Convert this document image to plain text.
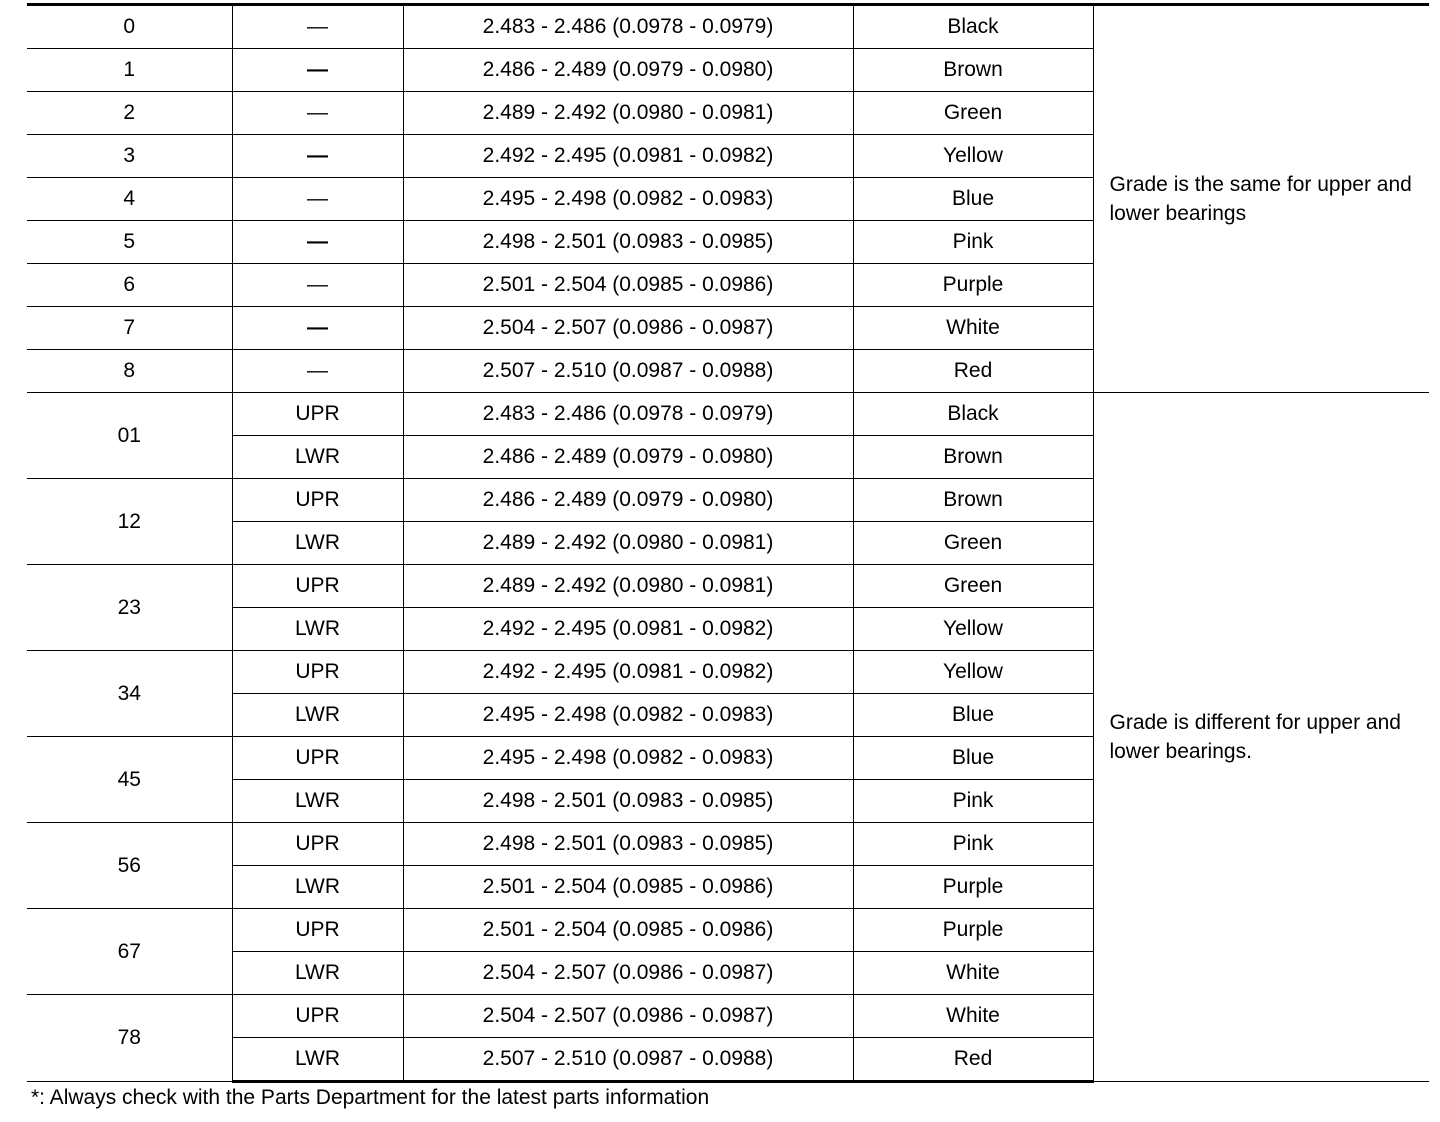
0	—	2.483 - 2.486 (0.0978 - 0.0979)	Black	Grade is the same for upper and lower bearings
1	—	2.486 - 2.489 (0.0979 - 0.0980)	Brown	
2	—	2.489 - 2.492 (0.0980 - 0.0981)	Green	
3	—	2.492 - 2.495 (0.0981 - 0.0982)	Yellow	
4	—	2.495 - 2.498 (0.0982 - 0.0983)	Blue	
5	—	2.498 - 2.501 (0.0983 - 0.0985)	Pink	
6	—	2.501 - 2.504 (0.0985 - 0.0986)	Purple	
7	—	2.504 - 2.507 (0.0986 - 0.0987)	White	
8	—	2.507 - 2.510 (0.0987 - 0.0988)	Red	
01	UPR	2.483 - 2.486 (0.0978 - 0.0979)	Black	Grade is different for upper and lower bearings.
	LWR	2.486 - 2.489 (0.0979 - 0.0980)	Brown	
12	UPR	2.486 - 2.489 (0.0979 - 0.0980)	Brown	
	LWR	2.489 - 2.492 (0.0980 - 0.0981)	Green	
23	UPR	2.489 - 2.492 (0.0980 - 0.0981)	Green	
	LWR	2.492 - 2.495 (0.0981 - 0.0982)	Yellow	
34	UPR	2.492 - 2.495 (0.0981 - 0.0982)	Yellow	
	LWR	2.495 - 2.498 (0.0982 - 0.0983)	Blue	
45	UPR	2.495 - 2.498 (0.0982 - 0.0983)	Blue	
	LWR	2.498 - 2.501 (0.0983 - 0.0985)	Pink	
56	UPR	2.498 - 2.501 (0.0983 - 0.0985)	Pink	
	LWR	2.501 - 2.504 (0.0985 - 0.0986)	Purple	
67	UPR	2.501 - 2.504 (0.0985 - 0.0986)	Purple	
	LWR	2.504 - 2.507 (0.0986 - 0.0987)	White	
78	UPR	2.504 - 2.507 (0.0986 - 0.0987)	White	
	LWR	2.507 - 2.510 (0.0987 - 0.0988)	Red	
*: Always check with the Parts Department for the latest parts information
